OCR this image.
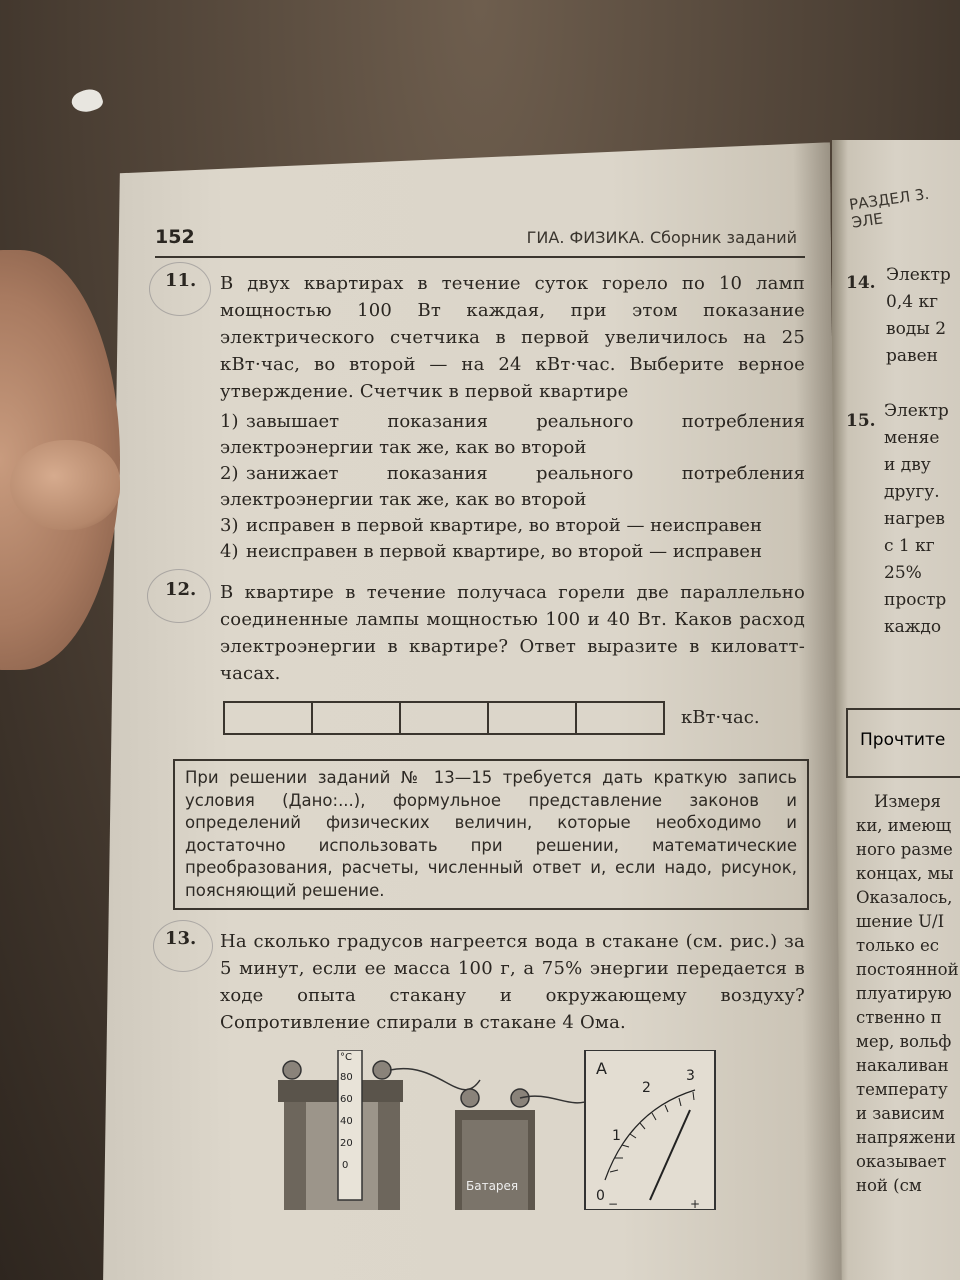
152	ГИА. ФИЗИКА. Сборник заданий
11. В двух квартирах в течение суток горело по 10 ламп мощностью 100 Вт каждая, при этом показание электрического счетчика в первой увеличилось на 25 кВт·час, во второй — на 24 кВт·час. Выберите верное утверждение. Счетчик в первой квартире
1) завышает показания реального потребления электроэнергии так же, как во второй
2) занижает показания реального потребления электроэнергии так же, как во второй
3) исправен в первой квартире, во второй — неисправен
4) неисправен в первой квартире, во второй — исправен
12. В квартире в течение получаса горели две параллельно соединенные лампы мощностью 100 и 40 Вт. Каков расход электроэнергии в квартире? Ответ выразите в киловатт-часах.
кВт·час.
При решении заданий № 13—15 требуется дать краткую запись условия (Дано:...), формульное представление законов и определений физических величин, которые необходимо и достаточно использовать при решении, математические преобразования, расчеты, численный ответ и, если надо, рисунок, поясняющий решение.
13. На сколько градусов нагреется вода в стакане (см. рис.) за 5 минут, если ее масса 100 г, а 75% энергии передается в ходе опыта стакану и окружающему воздуху? Сопротивление спирали в стакане 4 Ома.
°C
80
60
40
20
0
Батарея
A
0
1
2
3
−	+
РАЗДЕЛ 3. ЭЛЕ
14. Электр
0,4 кг
воды 2
равен
15. Электр
меняе
и дву
другу.
нагрев
с 1 кг
25%
простр
каждо
Прочтите
Измеря
ки, имеющ
ного разме
концах, мы
Оказалось,
шение U/I
только ес
постоянной
плуатирую
ственно п
мер, вольф
накаливан
температу
и зависим
напряжени
оказывает
ной (см
